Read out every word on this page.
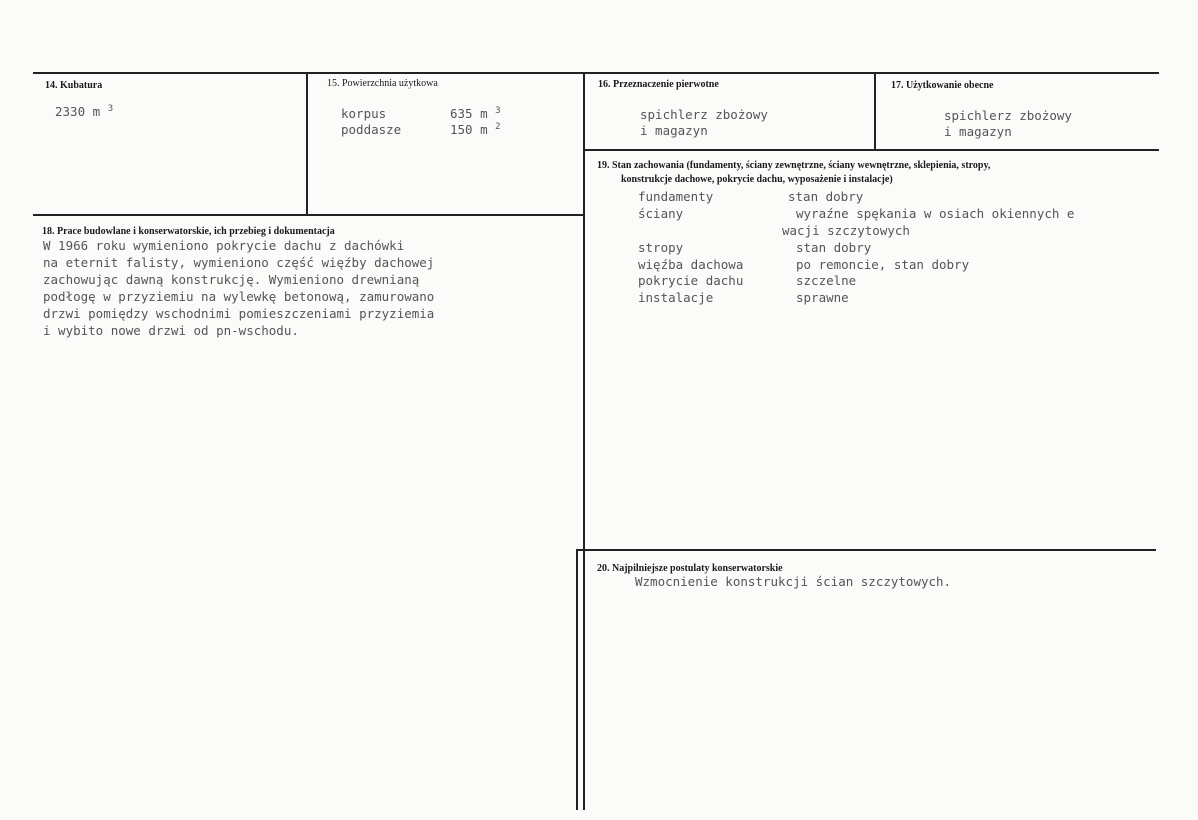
14. Kubatura
2330 m $^3$
15. Powierzchnia użytkowa
korpus	635 m $^3$
poddasze	150 m $^2$
16. Przeznaczenie pierwotne
spichlerz zbożowy
i magazyn
17. Użytkowanie obecne
spichlerz zbożowy
i magazyn
18. Prace budowlane i konserwatorskie, ich przebieg i dokumentacja
W 1966 roku wymieniono pokrycie dachu z dachówki
na eternit falisty, wymieniono część więźby dachowej
zachowując dawną konstrukcję. Wymieniono drewnianą
podłogę w przyziemiu na wylewkę betonową, zamurowano
drzwi pomiędzy wschodnimi pomieszczeniami przyziemia
i wybito nowe drzwi od pn-wschodu.
19. Stan zachowania (fundamenty, ściany zewnętrzne, ściany wewnętrzne, sklepienia, stropy,
konstrukcje dachowe, pokrycie dachu, wyposażenie i instalacje)
fundamenty	stan dobry
ściany	wyraźne spękania w osiach okiennych e
wacji szczytowych
stropy	stan dobry
więźba dachowa	po remoncie, stan dobry
pokrycie dachu	szczelne
instalacje	sprawne
20. Najpilniejsze postulaty konserwatorskie
Wzmocnienie konstrukcji ścian szczytowych.
